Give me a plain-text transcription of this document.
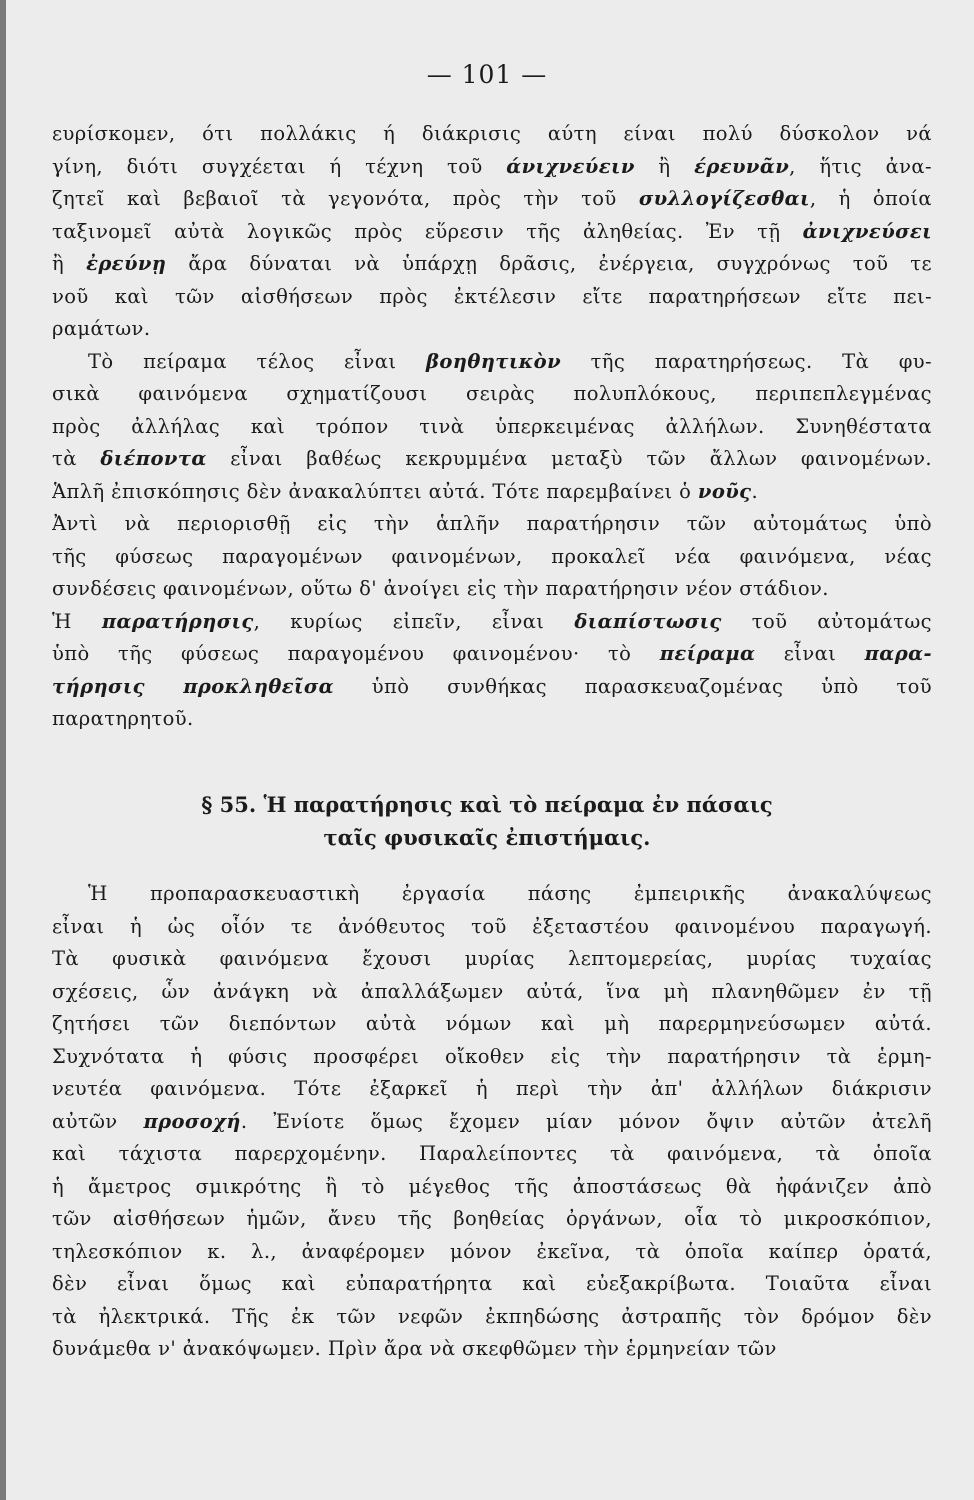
— 101 —
ευρίσκομεν, ότι πολλάκις ή διάκρισις αύτη είναι πολύ δύσκολον νά
γίνη, διότι συγχέεται ή τέχνη τοῦ άνιχνεύειν ἢ έρευνᾶν, ἥτις ἀνα-
ζητεῖ καὶ βεβαιοῖ τὰ γεγονότα, πρὸς τὴν τοῦ συλλογίζεσθαι, ἡ ὁποία
ταξινομεῖ αὐτὰ λογικῶς πρὸς εὕρεσιν τῆς ἀληθείας. Ἐν τῇ ἀνιχνεύσει
ἢ ἐρεύνῃ ἄρα δύναται νὰ ὑπάρχῃ δρᾶσις, ἐνέργεια, συγχρόνως τοῦ τε
νοῦ καὶ τῶν αἰσθήσεων πρὸς ἐκτέλεσιν εἴτε παρατηρήσεων εἴτε πει-
ραμάτων.
Τὸ πείραμα τέλος εἶναι βοηθητικὸν τῆς παρατηρήσεως. Τὰ φυ-
σικὰ φαινόμενα σχηματίζουσι σειρὰς πολυπλόκους, περιπεπλεγμένας
πρὸς ἀλλήλας καὶ τρόπον τινὰ ὑπερκειμένας ἀλλήλων. Συνηθέστατα
τὰ διέποντα εἶναι βαθέως κεκρυμμένα μεταξὺ τῶν ἄλλων φαινομένων.
Ἁπλῆ ἐπισκόπησις δὲν ἀνακαλύπτει αὐτά. Τότε παρεμβαίνει ὁ νοῦς.
Ἀντὶ νὰ περιορισθῇ εἰς τὴν ἁπλῆν παρατήρησιν τῶν αὐτομάτως ὑπὸ
τῆς φύσεως παραγομένων φαινομένων, προκαλεῖ νέα φαινόμενα, νέας
συνδέσεις φαινομένων, οὕτω δ' ἀνοίγει εἰς τὴν παρατήρησιν νέον στάδιον.
Ἡ παρατήρησις, κυρίως εἰπεῖν, εἶναι διαπίστωσις τοῦ αὐτομάτως
ὑπὸ τῆς φύσεως παραγομένου φαινομένου· τὸ πείραμα εἶναι παρα-
τήρησις προκληθεῖσα ὑπὸ συνθήκας παρασκευαζομένας ὑπὸ τοῦ
παρατηρητοῦ.
§ 55. Ἡ παρατήρησις καὶ τὸ πείραμα ἐν πάσαις
ταῖς φυσικαῖς ἐπιστήμαις.
Ἡ προπαρασκευαστικὴ ἐργασία πάσης ἐμπειρικῆς ἀνακαλύψεως
εἶναι ἡ ὡς οἷόν τε ἀνόθευτος τοῦ ἐξεταστέου φαινομένου παραγωγή.
Τὰ φυσικὰ φαινόμενα ἔχουσι μυρίας λεπτομερείας, μυρίας τυχαίας
σχέσεις, ὧν ἀνάγκη νὰ ἀπαλλάξωμεν αὐτά, ἵνα μὴ πλανηθῶμεν ἐν τῇ
ζητήσει τῶν διεπόντων αὐτὰ νόμων καὶ μὴ παρερμηνεύσωμεν αὐτά.
Συχνότατα ἡ φύσις προσφέρει οἴκοθεν εἰς τὴν παρατήρησιν τὰ ἑρμη-
νευτέα φαινόμενα. Τότε ἐξαρκεῖ ἡ περὶ τὴν ἀπ' ἀλλήλων διάκρισιν
αὐτῶν προσοχή. Ἐνίοτε ὅμως ἔχομεν μίαν μόνον ὄψιν αὐτῶν ἀτελῆ
καὶ τάχιστα παρερχομένην. Παραλείποντες τὰ φαινόμενα, τὰ ὁποῖα
ἡ ἄμετρος σμικρότης ἢ τὸ μέγεθος τῆς ἀποστάσεως θὰ ἠφάνιζεν ἀπὸ
τῶν αἰσθήσεων ἡμῶν, ἄνευ τῆς βοηθείας ὀργάνων, οἷα τὸ μικροσκόπιον,
τηλεσκόπιον κ. λ., ἀναφέρομεν μόνον ἐκεῖνα, τὰ ὁποῖα καίπερ ὁρατά,
δὲν εἶναι ὅμως καὶ εὐπαρατήρητα καὶ εὐεξακρίβωτα. Τοιαῦτα εἶναι
τὰ ἠλεκτρικά. Τῆς ἐκ τῶν νεφῶν ἐκπηδώσης ἀστραπῆς τὸν δρόμον δὲν
δυνάμεθα ν' ἀνακόψωμεν. Πρὶν ἄρα νὰ σκεφθῶμεν τὴν ἑρμηνείαν τῶν
